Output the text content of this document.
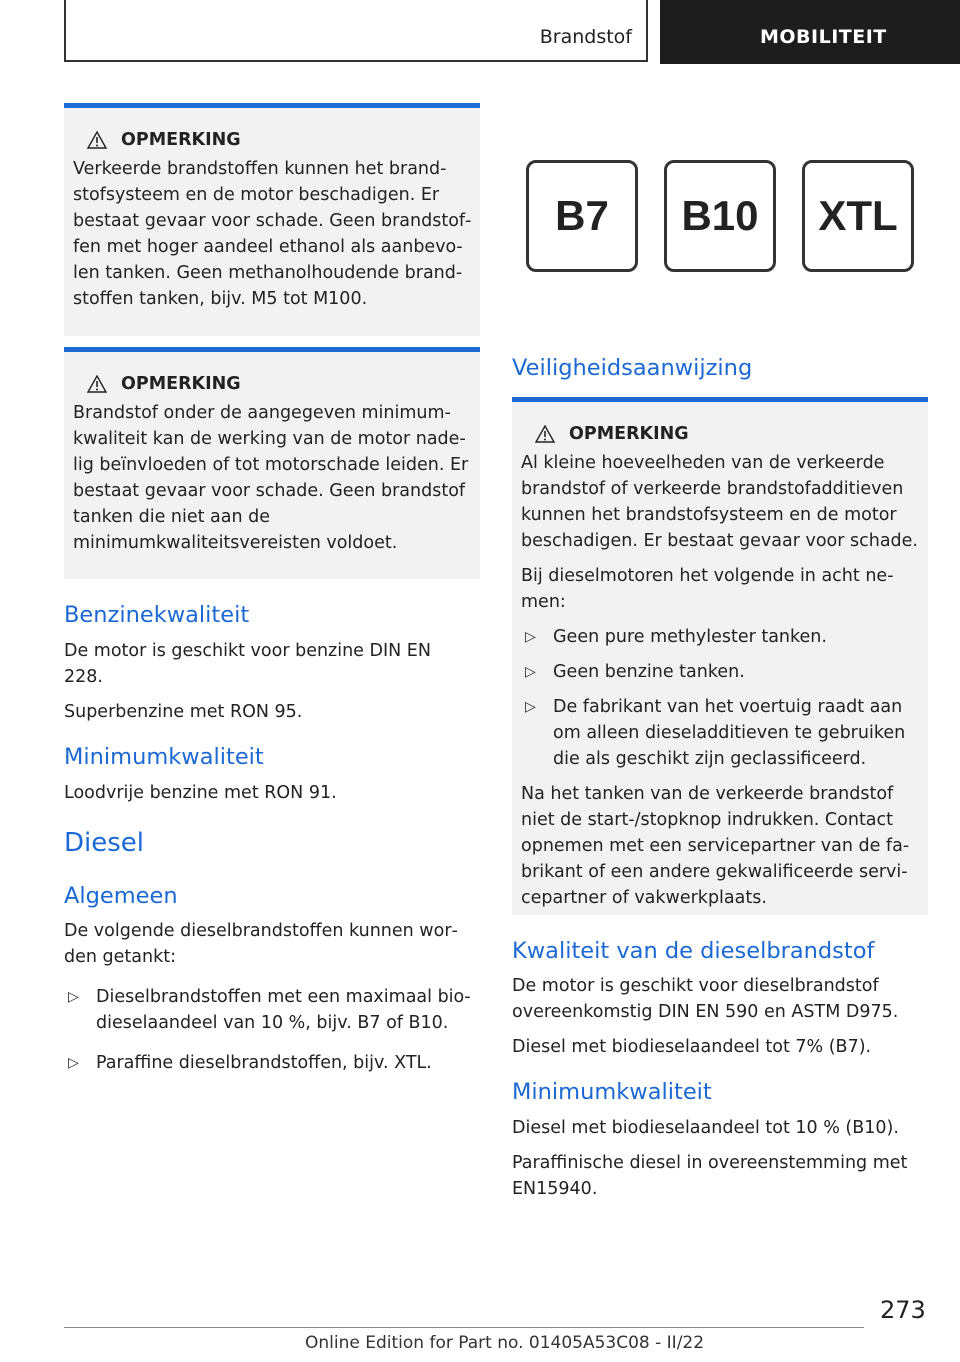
Brandstof	MOBILITEIT
OPMERKING
Verkeerde brandstoffen kunnen het brandstofsysteem en de motor beschadigen. Er bestaat gevaar voor schade. Geen brandstoffen met hoger aandeel ethanol als aanbevolen tanken. Geen methanolhoudende brandstoffen tanken, bijv. M5 tot M100.
OPMERKING
Brandstof onder de aangegeven minimumkwaliteit kan de werking van de motor nadelig beïnvloeden of tot motorschade leiden. Er bestaat gevaar voor schade. Geen brandstof tanken die niet aan de minimumkwaliteitsvereisten voldoet.
Benzinekwaliteit

De motor is geschikt voor benzine DIN EN 228.

Superbenzine met RON 95.

Minimumkwaliteit

Loodvrije benzine met RON 91.

Diesel
Algemeen

De volgende dieselbrandstoffen kunnen worden getankt:

▷ Dieselbrandstoffen met een maximaal biodieselaandeel van 10 %, bijv. B7 of B10.
▷ Paraffine dieselbrandstoffen, bijv. XTL.
B7	B10	XTL
Veiligheidsaanwijzing
OPMERKING

Al kleine hoeveelheden van de verkeerde brandstof of verkeerde brandstofadditieven kunnen het brandstofsysteem en de motor beschadigen. Er bestaat gevaar voor schade.

Bij dieselmotoren het volgende in acht nemen:

▷ Geen pure methylester tanken.
▷ Geen benzine tanken.
▷ De fabrikant van het voertuig raadt aan om alleen dieseladditieven te gebruiken die als geschikt zijn geclassificeerd.

Na het tanken van de verkeerde brandstof niet de start-/stopknop indrukken. Contact opnemen met een servicepartner van de fabrikant of een andere gekwalificeerde servicepartner of vakwerkplaats.

Kwaliteit van de dieselbrandstof

De motor is geschikt voor dieselbrandstof overeenkomstig DIN EN 590 en ASTM D975.

Diesel met biodieselaandeel tot 7% (B7).

Minimumkwaliteit

Diesel met biodieselaandeel tot 10 % (B10).

Paraffinische diesel in overeenstemming met EN15940.

273
Online Edition for Part no. 01405A53C08 - II/22
